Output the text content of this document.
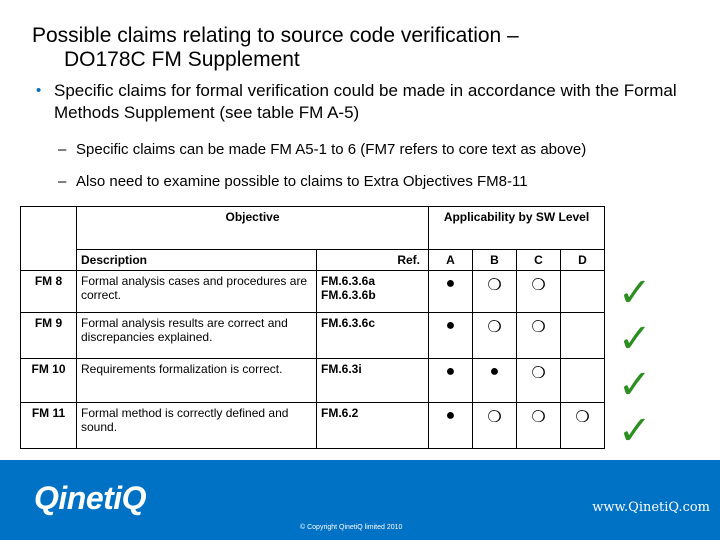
Possible claims relating to source code verification –
DO178C FM Supplement
• Specific claims for formal verification could be made in accordance with the Formal Methods Supplement (see table FM A-5)
– Specific claims can be made FM A5-1 to 6 (FM7 refers to core text as above)
– Also need to examine possible to claims to Extra Objectives FM8-11
	Objective		Applicability by SW Level			
	Description	Ref.	A	B	C	D
FM 8	Formal analysis cases and procedures are correct.	FM.6.3.6a FM.6.3.6b	●	❍	❍	
FM 9	Formal analysis results are correct and discrepancies explained.	FM.6.3.6c	●	❍	❍	
FM 10	Requirements formalization is correct.	FM.6.3i	●	●	❍	
FM 11	Formal method is correctly defined and sound.	FM.6.2	●	❍	❍	❍
✓
✓
✓
✓
QinetiQ	www.QinetiQ.com
© Copyright QinetiQ limited 2010
